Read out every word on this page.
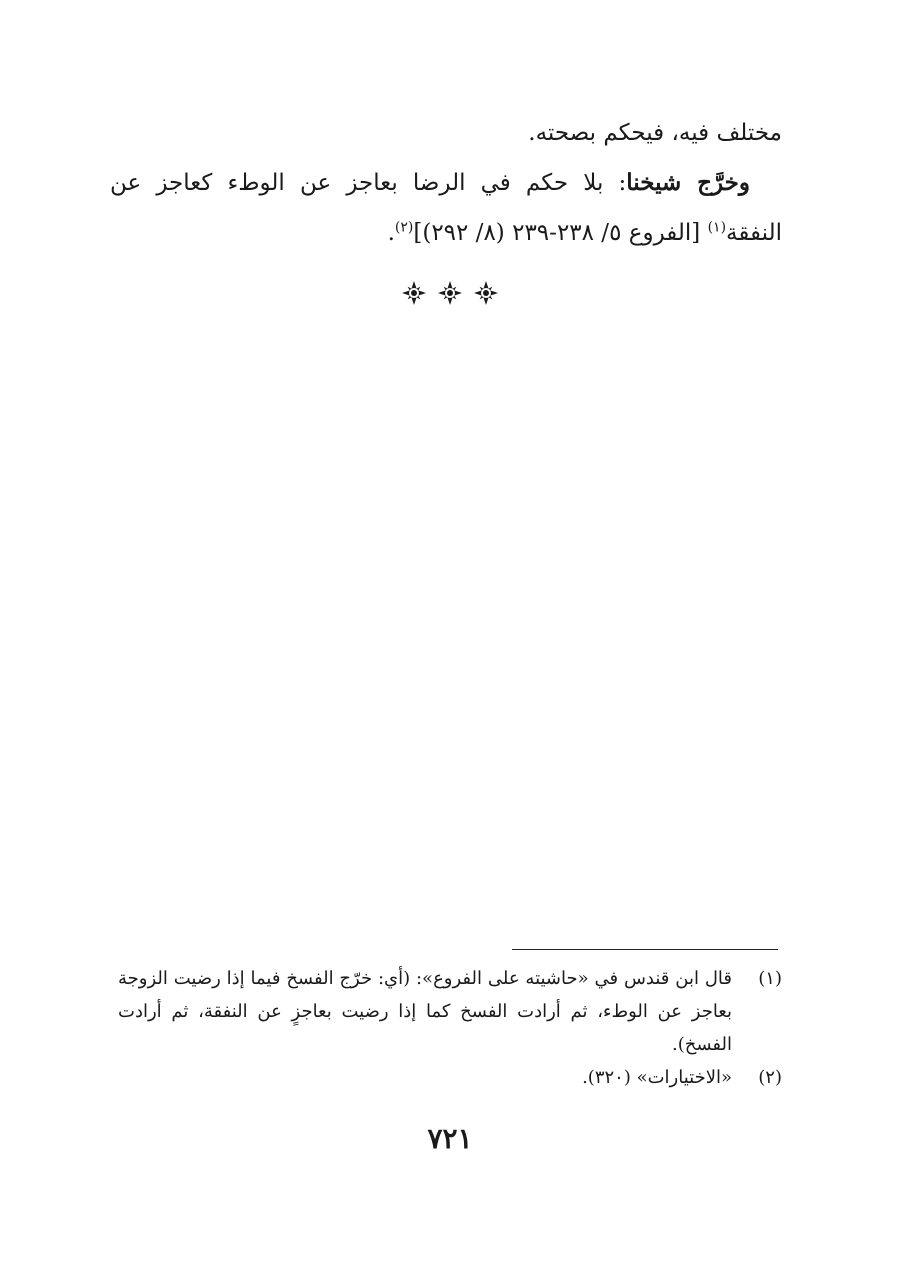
مختلف فيه، فيحكم بصحته.

وخرَّج شيخنا: بلا حكم في الرضا بعاجز عن الوطء كعاجز عن النفقة$^{(١)}$ [الفروع ٥/ ٢٣٨-٢٣٩ (٨/ ٢٩٢)]$^{(٢)}$.

(١)
قال ابن قندس في «حاشيته على الفروع»: (أي: خرّج الفسخ فيما إذا رضيت الزوجة بعاجز عن الوطء، ثم أرادت الفسخ كما إذا رضيت بعاجزٍ عن النفقة، ثم أرادت الفسخ).
(٢)
«الاختيارات» (٣٢٠).
٧٢١
